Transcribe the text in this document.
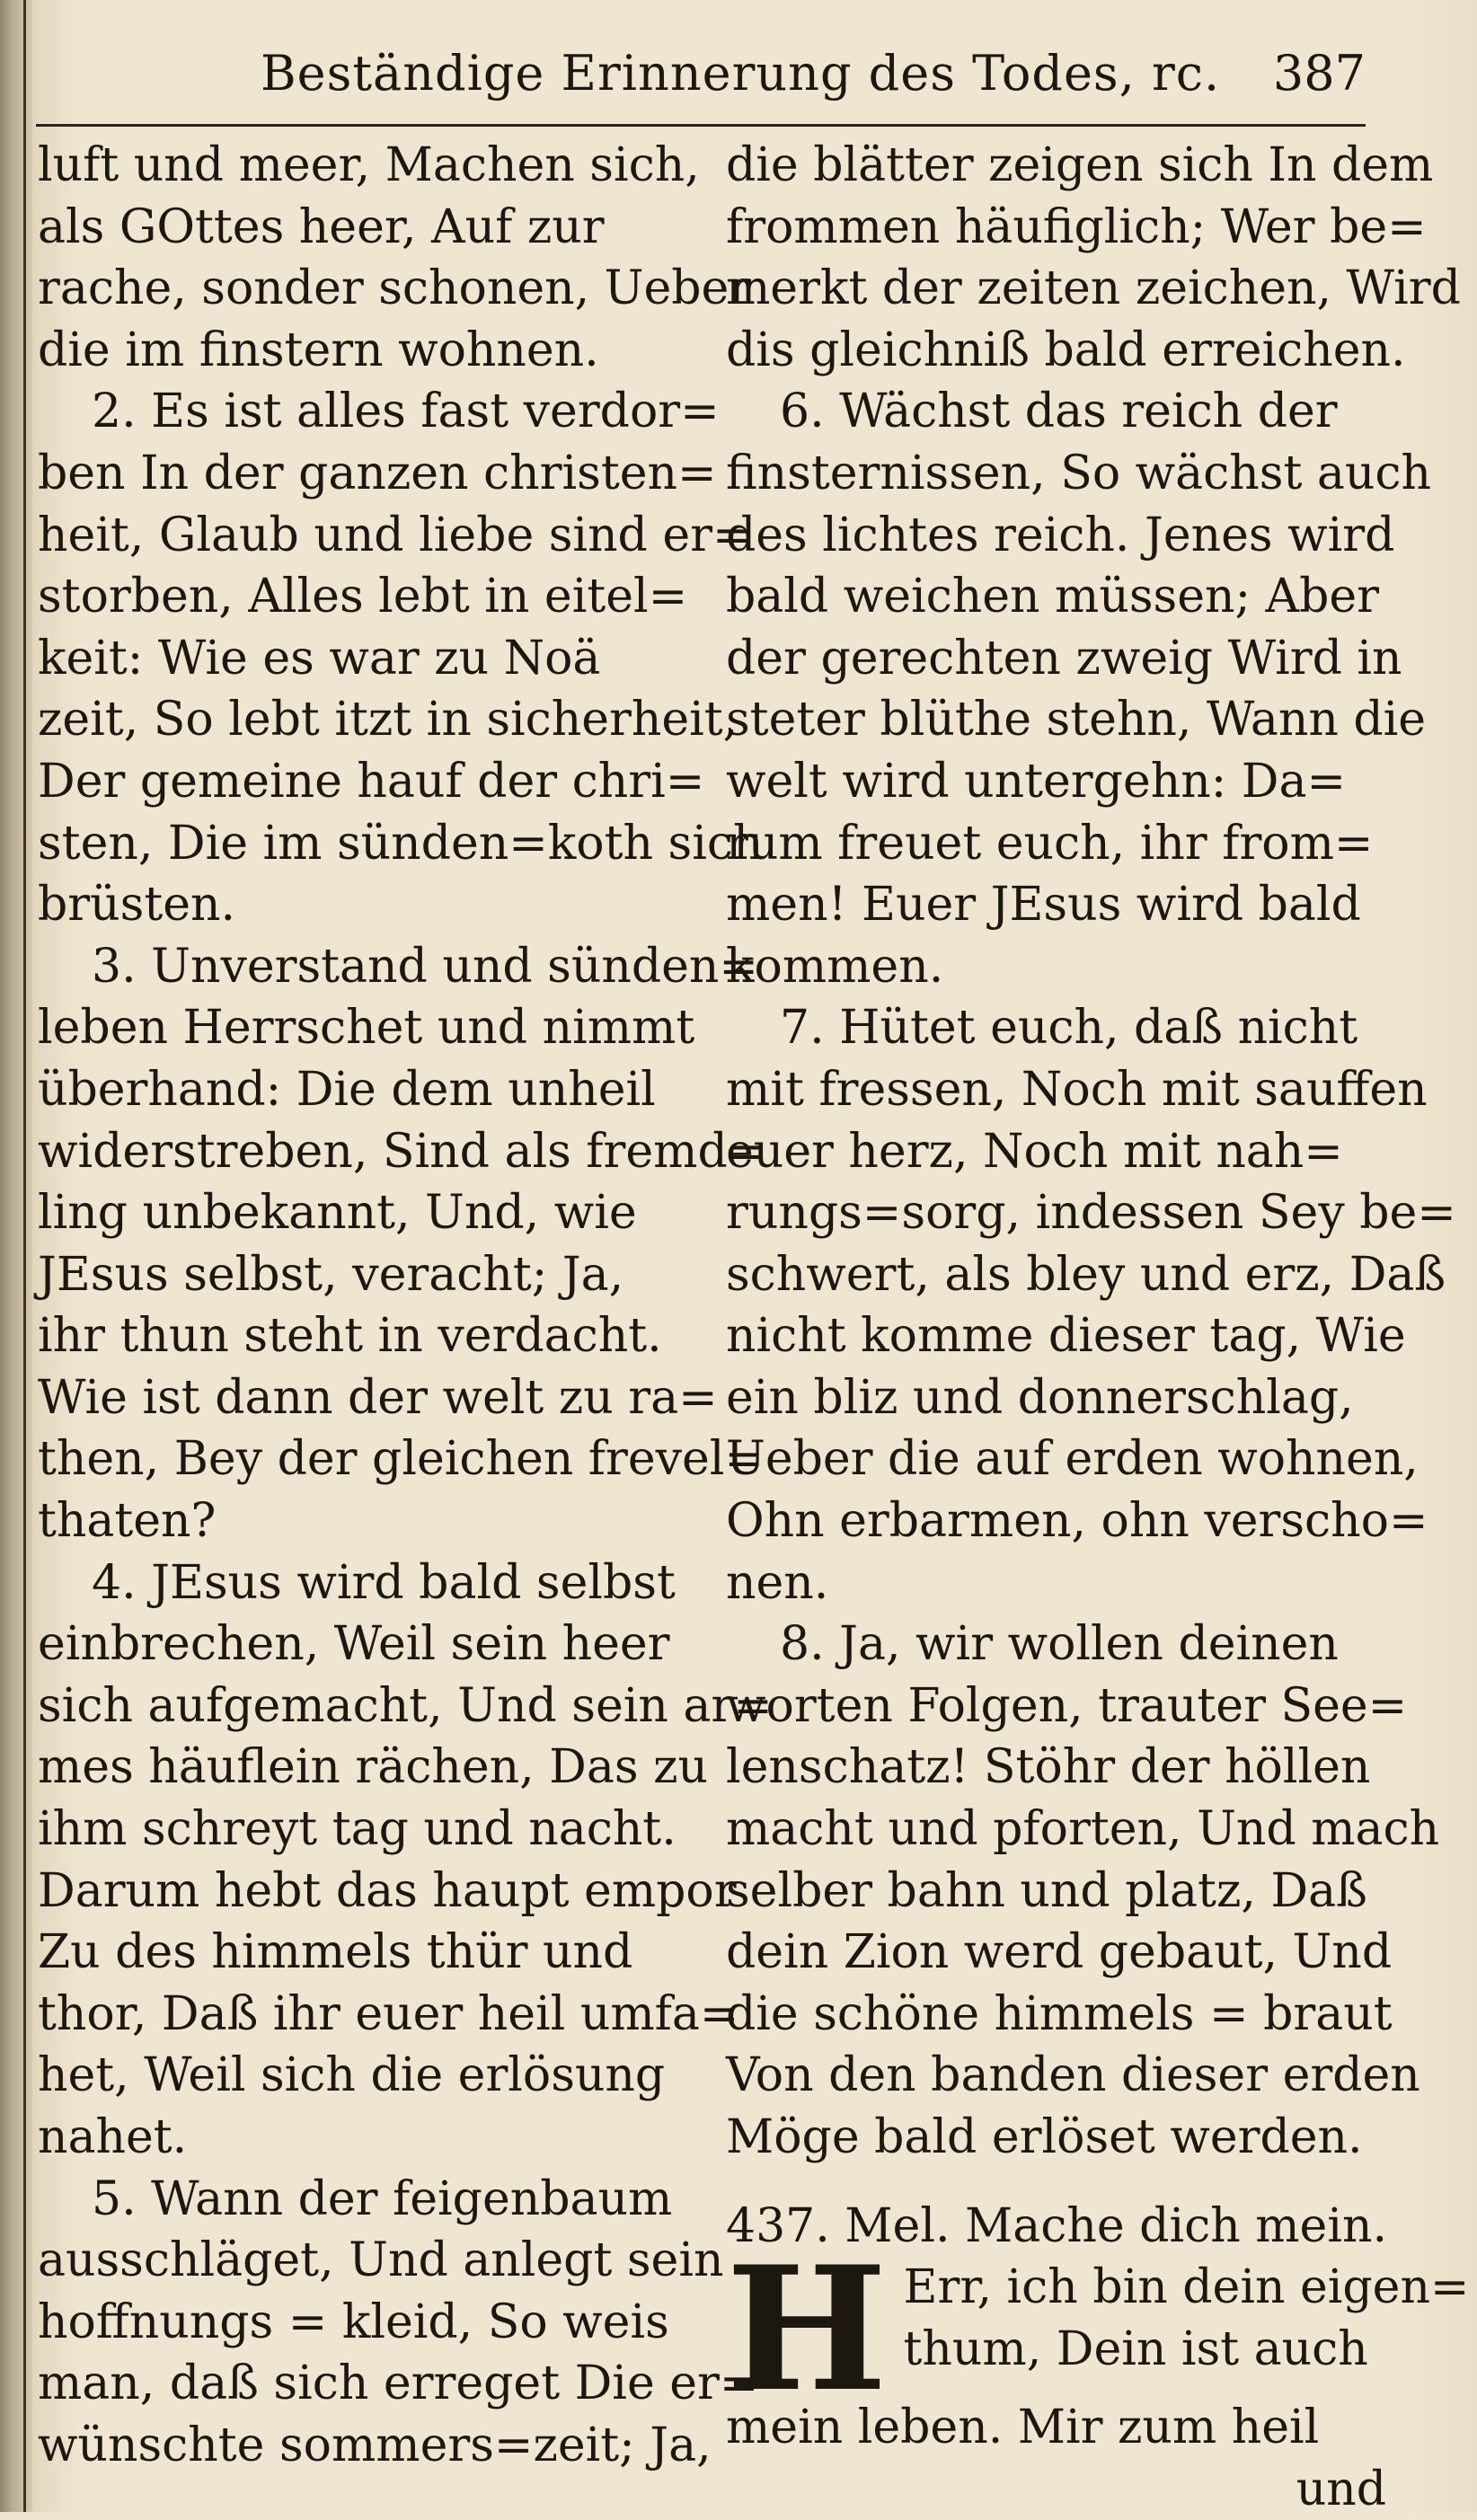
Beständige Erinnerung des Todes, rc. 387
luft und meer, Machen sich,
als GOttes heer, Auf zur
rache, sonder schonen, Ueber
die im finstern wohnen.
2. Es ist alles fast verdor=
ben In der ganzen christen=
heit, Glaub und liebe sind er=
storben, Alles lebt in eitel=
keit: Wie es war zu Noä
zeit, So lebt itzt in sicherheit,
Der gemeine hauf der chri=
sten, Die im sünden=koth sich
brüsten.
3. Unverstand und sünden=
leben Herrschet und nimmt
überhand: Die dem unheil
widerstreben, Sind als fremd=
ling unbekannt, Und, wie
JEsus selbst, veracht; Ja,
ihr thun steht in verdacht.
Wie ist dann der welt zu ra=
then, Bey der gleichen frevel=
thaten?
4. JEsus wird bald selbst
einbrechen, Weil sein heer
sich aufgemacht, Und sein ar=
mes häuflein rächen, Das zu
ihm schreyt tag und nacht.
Darum hebt das haupt empor
Zu des himmels thür und
thor, Daß ihr euer heil umfa=
het, Weil sich die erlösung
nahet.
5. Wann der feigenbaum
ausschläget, Und anlegt sein
hoffnungs = kleid, So weis
man, daß sich erreget Die er=
wünschte sommers=zeit; Ja,
die blätter zeigen sich In dem
frommen häufiglich; Wer be=
merkt der zeiten zeichen, Wird
dis gleichniß bald erreichen.
6. Wächst das reich der
finsternissen, So wächst auch
des lichtes reich. Jenes wird
bald weichen müssen; Aber
der gerechten zweig Wird in
steter blüthe stehn, Wann die
welt wird untergehn: Da=
rum freuet euch, ihr from=
men! Euer JEsus wird bald
kommen.
7. Hütet euch, daß nicht
mit fressen, Noch mit sauffen
euer herz, Noch mit nah=
rungs=sorg, indessen Sey be=
schwert, als bley und erz, Daß
nicht komme dieser tag, Wie
ein bliz und donnerschlag,
Ueber die auf erden wohnen,
Ohn erbarmen, ohn verscho=
nen.
8. Ja, wir wollen deinen
worten Folgen, trauter See=
lenschatz! Stöhr der höllen
macht und pforten, Und mach
selber bahn und platz, Daß
dein Zion werd gebaut, Und
die schöne himmels = braut
Von den banden dieser erden
Möge bald erlöset werden.
437. Mel. Mache dich mein.
H Err, ich bin dein eigen=
thum, Dein ist auch
mein leben. Mir zum heil
und
